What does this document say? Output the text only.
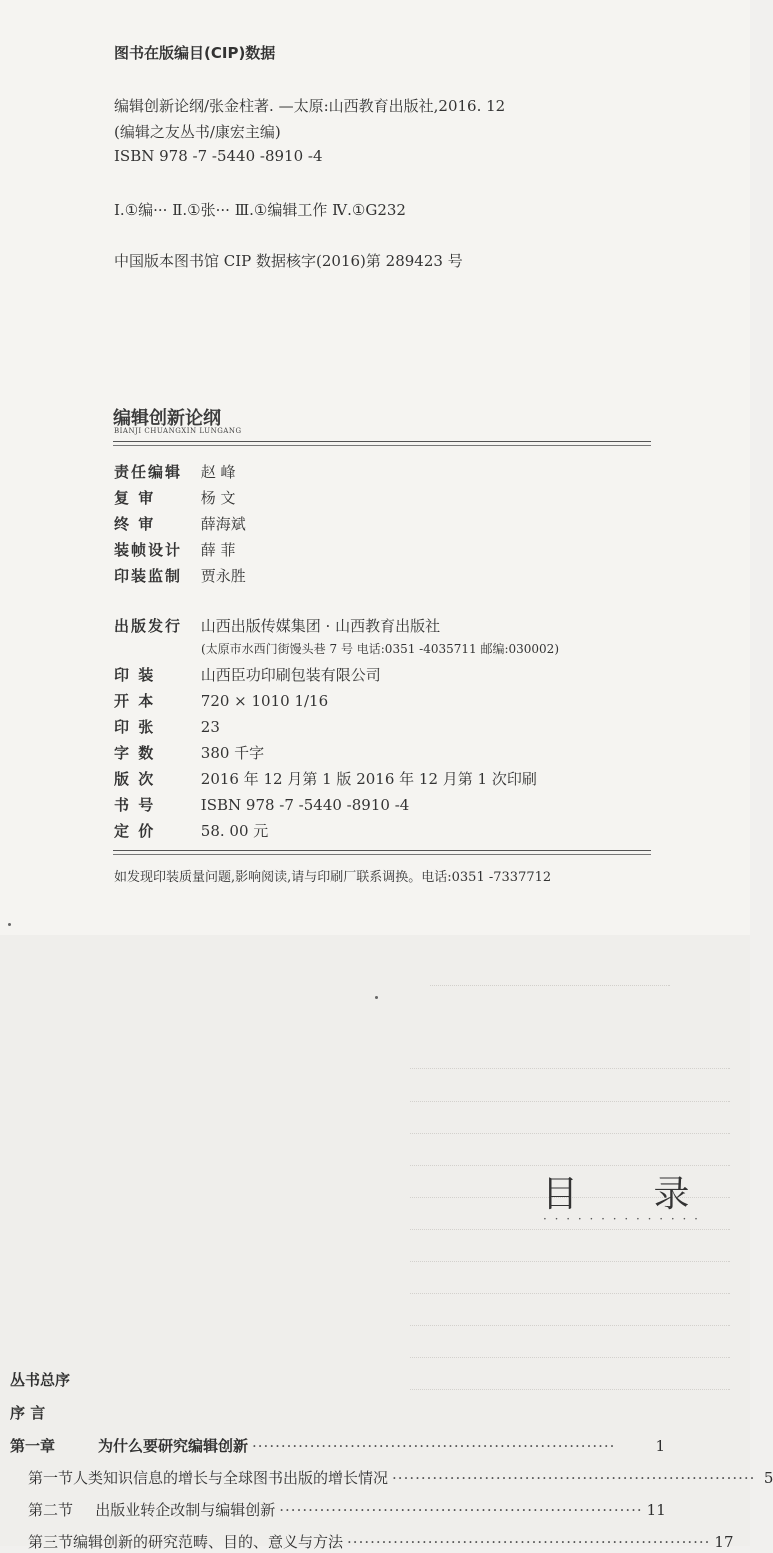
图书在版编目(CIP)数据
编辑创新论纲/张金柱著. —太原:山西教育出版社,2016. 12
(编辑之友丛书/康宏主编)
ISBN 978 -7 -5440 -8910 -4
Ⅰ.①编··· Ⅱ.①张··· Ⅲ.①编辑工作 Ⅳ.①G232
中国版本图书馆 CIP 数据核字(2016)第 289423 号
编辑创新论纲
BIANJI CHUANGXIN LUNGANG
责任编辑 赵 峰
复 审	杨 文
终 审	薛海斌
装帧设计 薛 菲
印装监制 贾永胜
出版发行 山西出版传媒集团 · 山西教育出版社
(太原市水西门街馒头巷 7 号 电话:0351 -4035711 邮编:030002)
印 装	山西臣功印刷包装有限公司
开 本	720 × 1010 1/16
印 张	23
字 数	380 千字
版 次	2016 年 12 月第 1 版 2016 年 12 月第 1 次印刷
书 号	ISBN 978 -7 -5440 -8910 -4
定 价	58. 00 元
如发现印装质量问题,影响阅读,请与印刷厂联系调换。电话:0351 -7337712
目 录
· · · · · · · · · · · · · ·
丛书总序
序 言
第一章	为什么要研究编辑创新 ·······························································	1
第一节 人类知识信息的增长与全球图书出版的增长情况 ······························································· 5
第二节	出版业转企改制与编辑创新 ······························································· 11
第三节 编辑创新的研究范畴、目的、意义与方法 ······························································· 17
